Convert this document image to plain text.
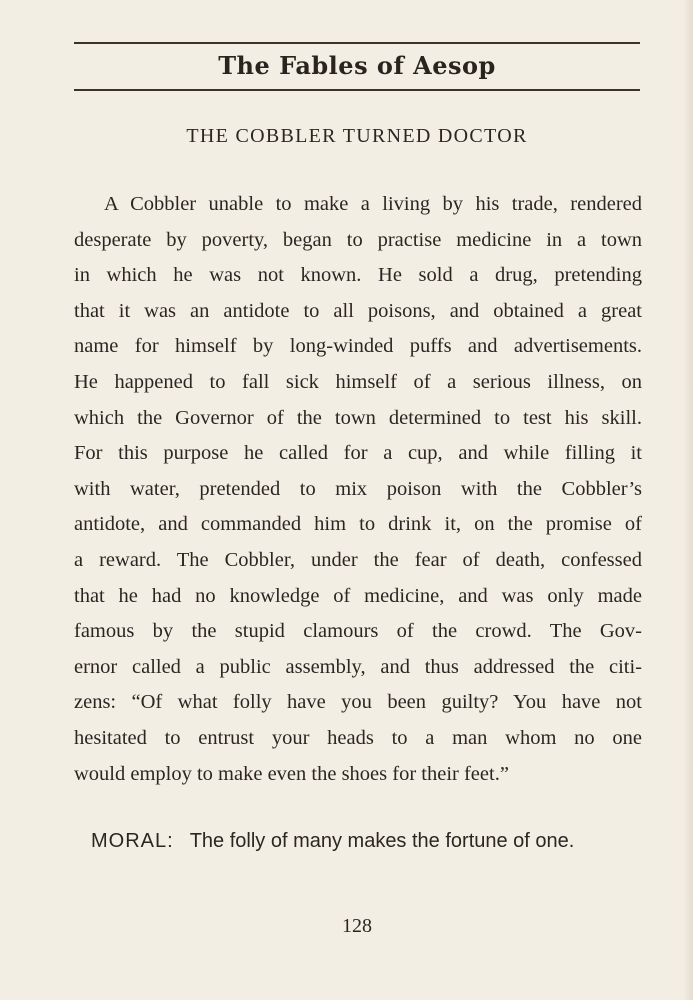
The Fables of Aesop
THE COBBLER TURNED DOCTOR
A Cobbler unable to make a living by his trade, rendered
desperate by poverty, began to practise medicine in a town
in which he was not known. He sold a drug, pretending
that it was an antidote to all poisons, and obtained a great
name for himself by long-winded puffs and advertisements.
He happened to fall sick himself of a serious illness, on
which the Governor of the town determined to test his skill.
For this purpose he called for a cup, and while filling it
with water, pretended to mix poison with the Cobbler’s
antidote, and commanded him to drink it, on the promise of
a reward. The Cobbler, under the fear of death, confessed
that he had no knowledge of medicine, and was only made
famous by the stupid clamours of the crowd. The Gov-
ernor called a public assembly, and thus addressed the citi-
zens: “Of what folly have you been guilty? You have not
hesitated to entrust your heads to a man whom no one
would employ to make even the shoes for their feet.”
MORAL: The folly of many makes the fortune of one.
128
